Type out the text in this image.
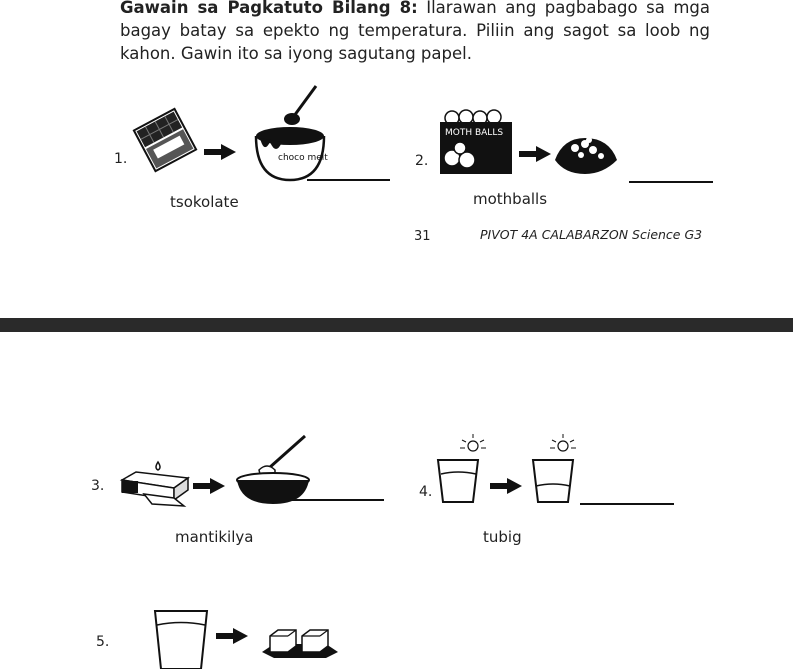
Gawain sa Pagkatuto Bilang 8: Ilarawan ang pagbabago sa mga bagay batay sa epekto ng temperatura. Piliin ang sagot sa loob ng kahon. Gawin ito sa iyong sagutang papel.
1.	choco melt
tsokolate
2.
MOTH BALLS
mothballs
31	PIVOT 4A CALABARZON Science G3
3.
mantikilya
4.
tubig
5.
